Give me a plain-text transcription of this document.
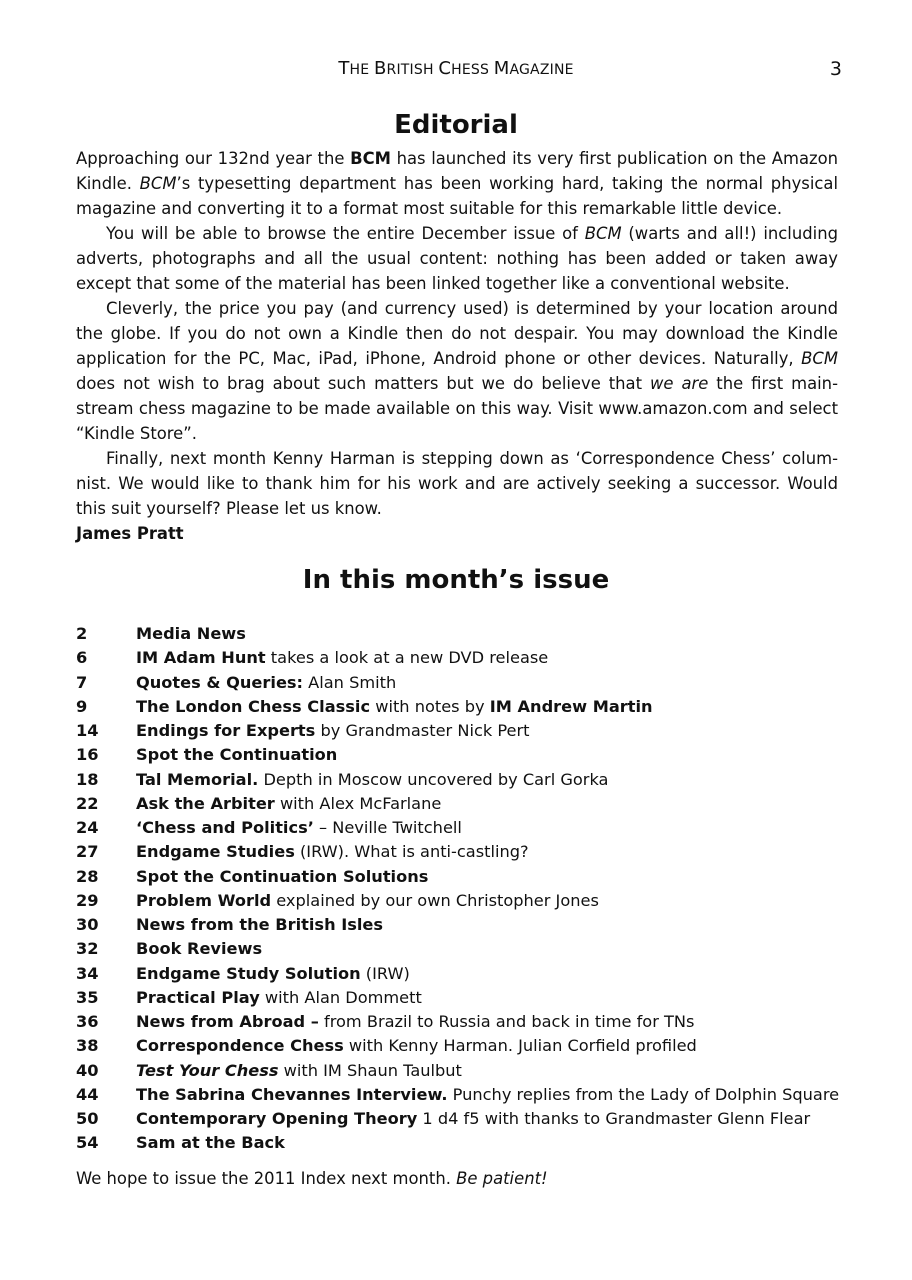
THE BRITISH CHESS MAGAZINE	3
Editorial

Approaching our 132nd year the BCM has launched its very first publication on the Amazon Kindle. BCM’s typesetting department has been working hard, taking the normal physical magazine and converting it to a format most suitable for this remarkable little device.

You will be able to browse the entire December issue of BCM (warts and all!) including adverts, photographs and all the usual content: nothing has been added or taken away except that some of the material has been linked together like a conventional website.

Cleverly, the price you pay (and currency used) is determined by your location around the globe. If you do not own a Kindle then do not despair. You may download the Kindle application for the PC, Mac, iPad, iPhone, Android phone or other devices. Naturally, BCM does not wish to brag about such matters but we do believe that we are the first mainstream chess magazine to be made available on this way. Visit www.amazon.com and select “Kindle Store”.

Finally, next month Kenny Harman is stepping down as ‘Correspondence Chess’ columnist. We would like to thank him for his work and are actively seeking a successor. Would this suit yourself? Please let us know.

James Pratt

In this month’s issue
2	Media News
6	IM Adam Hunt takes a look at a new DVD release
7	Quotes & Queries: Alan Smith
9	The London Chess Classic with notes by IM Andrew Martin
14 Endings for Experts by Grandmaster Nick Pert
16 Spot the Continuation
18 Tal Memorial. Depth in Moscow uncovered by Carl Gorka
22 Ask the Arbiter with Alex McFarlane
24 ‘Chess and Politics’ – Neville Twitchell
27 Endgame Studies (IRW). What is anti-castling?
28 Spot the Continuation Solutions
29 Problem World explained by our own Christopher Jones
30 News from the British Isles
32 Book Reviews
34 Endgame Study Solution (IRW)
35 Practical Play with Alan Dommett
36 News from Abroad – from Brazil to Russia and back in time for TNs
38 Correspondence Chess with Kenny Harman. Julian Corfield profiled
40 Test Your Chess with IM Shaun Taulbut
44 The Sabrina Chevannes Interview. Punchy replies from the Lady of Dolphin Square
50 Contemporary Opening Theory 1 d4 f5 with thanks to Grandmaster Glenn Flear
54 Sam at the Back

We hope to issue the 2011 Index next month. Be patient!
